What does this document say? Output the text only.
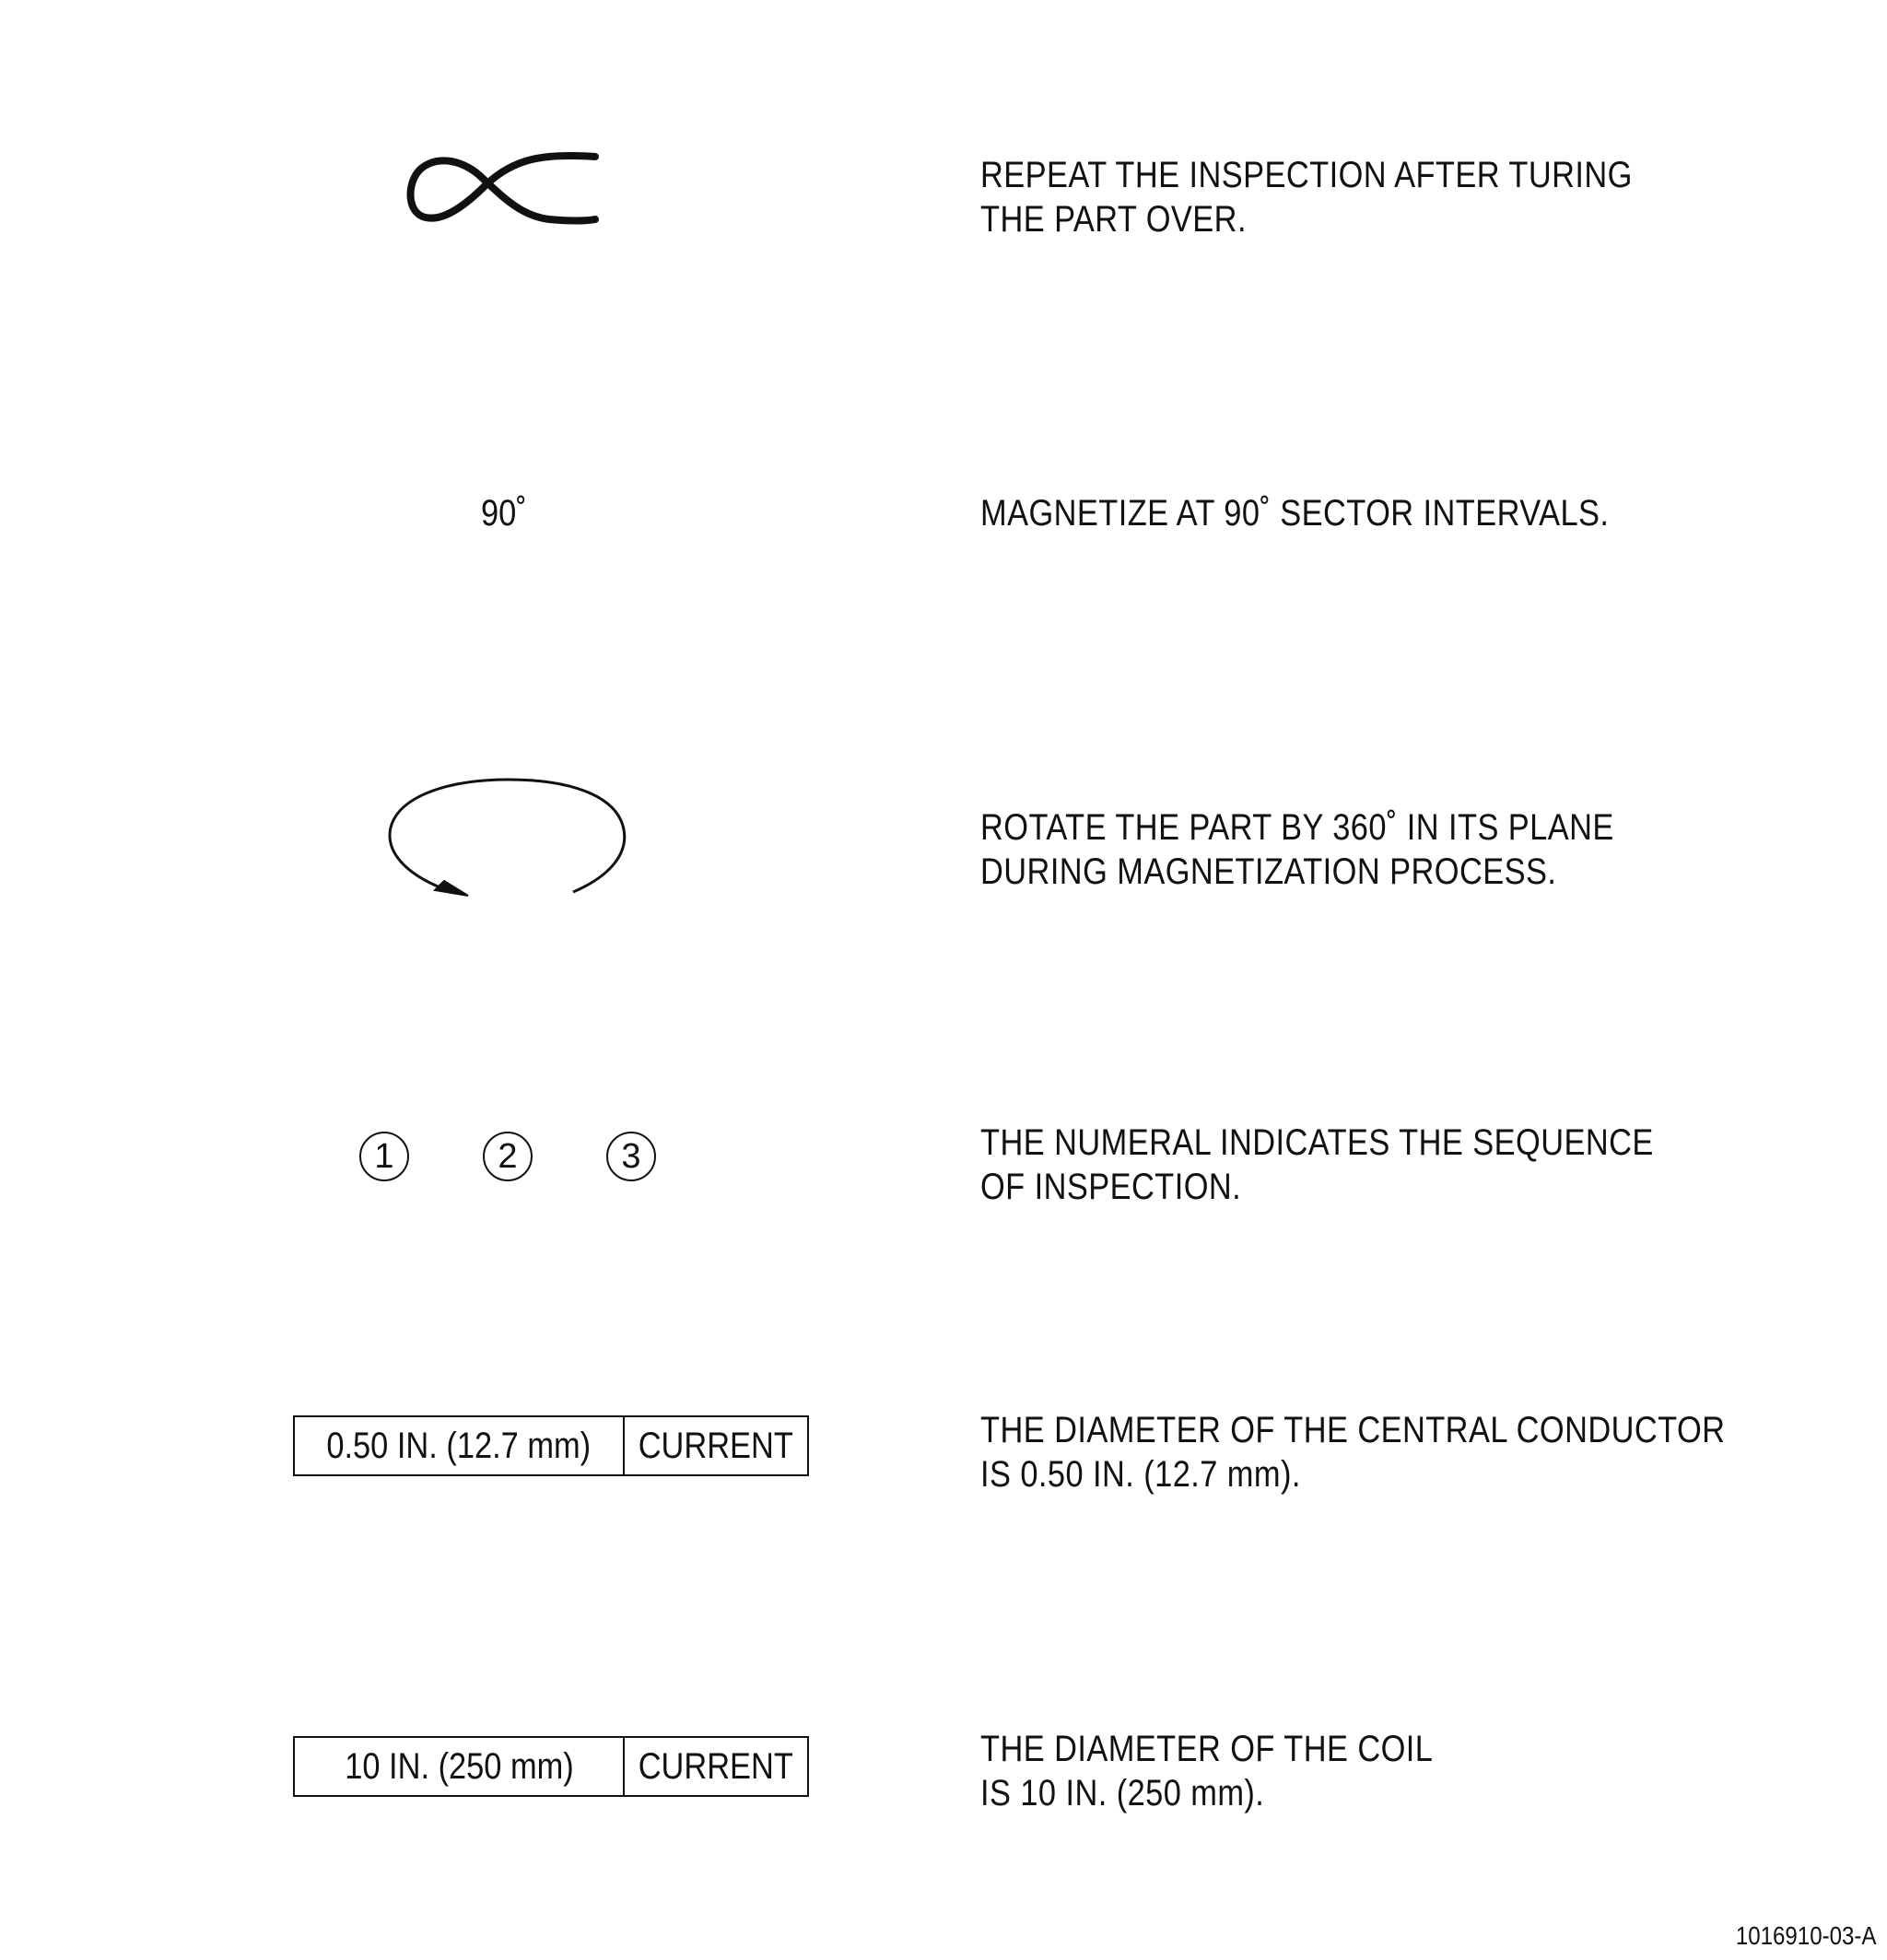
REPEAT THE INSPECTION AFTER TURING
THE PART OVER.
90˚	MAGNETIZE AT 90˚ SECTOR INTERVALS.
ROTATE THE PART BY 360˚ IN ITS PLANE
DURING MAGNETIZATION PROCESS.
1	2	3	THE NUMERAL INDICATES THE SEQUENCE
OF INSPECTION.
0.50 IN. (12.7 mm)	CURRENT	THE DIAMETER OF THE CENTRAL CONDUCTOR
IS 0.50 IN. (12.7 mm).
10 IN. (250 mm)	CURRENT	THE DIAMETER OF THE COIL
IS 10 IN. (250 mm).
1016910-03-A
